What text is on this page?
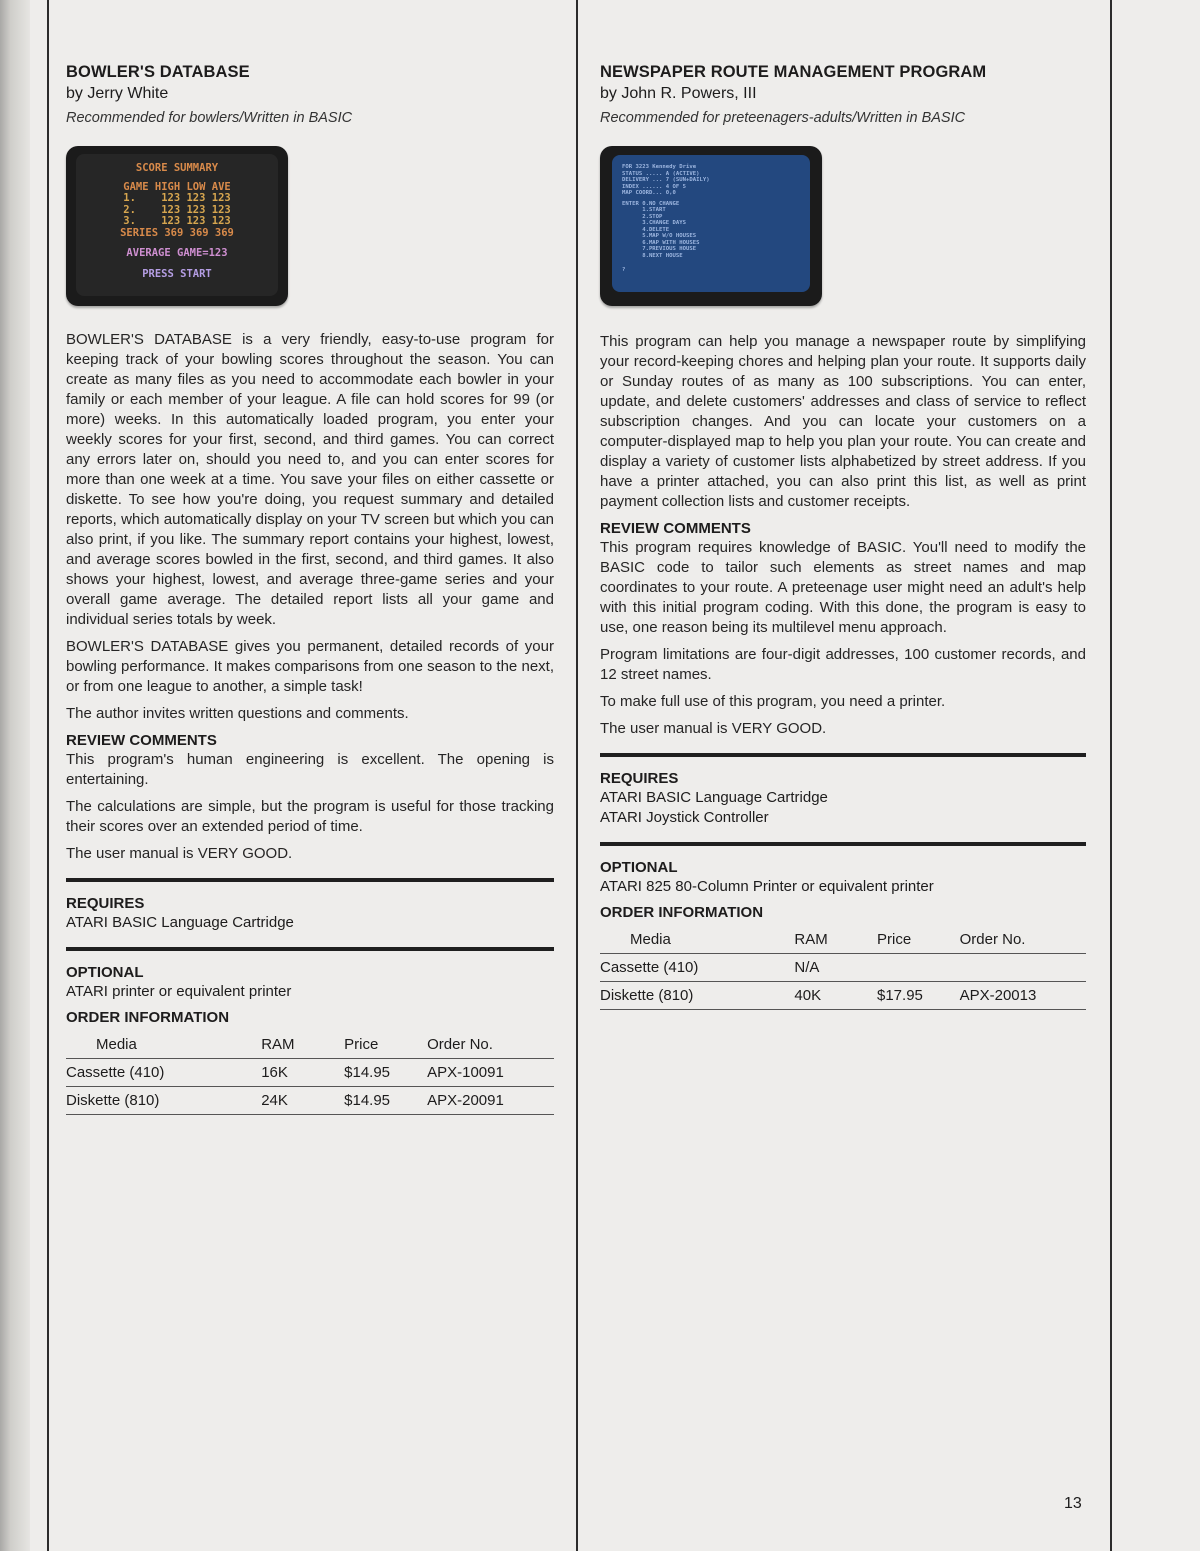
BOWLER'S DATABASE
by Jerry White
Recommended for bowlers/Written in BASIC
SCORE SUMMARY
GAME HIGH LOW AVE
1.    123 123 123
2.    123 123 123
3.    123 123 123
SERIES 369 369 369
AVERAGE GAME=123
PRESS START

BOWLER'S DATABASE is a very friendly, easy-to-use program for keeping track of your bowling scores throughout the season. You can create as many files as you need to accommodate each bowler in your family or each member of your league. A file can hold scores for 99 (or more) weeks. In this automatically loaded program, you enter your weekly scores for your first, second, and third games. You can correct any errors later on, should you need to, and you can enter scores for more than one week at a time. You save your files on either cassette or diskette. To see how you're doing, you request summary and detailed reports, which automatically display on your TV screen but which you can also print, if you like. The summary report contains your highest, lowest, and average scores bowled in the first, second, and third games. It also shows your highest, lowest, and average three-game series and your overall game average. The detailed report lists all your game and individual series totals by week.

BOWLER'S DATABASE gives you permanent, detailed records of your bowling performance. It makes comparisons from one season to the next, or from one league to another, a simple task!

The author invites written questions and comments.

REVIEW COMMENTS

This program's human engineering is excellent. The opening is entertaining.

The calculations are simple, but the program is useful for those tracking their scores over an extended period of time.

The user manual is VERY GOOD.

REQUIRES
ATARI BASIC Language Cartridge
OPTIONAL
ATARI printer or equivalent printer
ORDER INFORMATION
Media	RAM	Price	Order No.
Cassette (410)	16K	$14.95	APX-10091
Diskette (810)	24K	$14.95	APX-20091
NEWSPAPER ROUTE MANAGEMENT PROGRAM
by John R. Powers, III
Recommended for preteenagers-adults/Written in BASIC
FOR 3223 Kennedy Drive
STATUS ..... A (ACTIVE)
DELIVERY ... 7 (SUN+DAILY)
INDEX ...... 4 OF 5
MAP COORD... 0,0
ENTER 0.NO CHANGE
1.START
2.STOP
3.CHANGE DAYS
4.DELETE
5.MAP W/O HOUSES
6.MAP WITH HOUSES
7.PREVIOUS HOUSE
8.NEXT HOUSE
?

This program can help you manage a newspaper route by simplifying your record-keeping chores and helping plan your route. It supports daily or Sunday routes of as many as 100 subscriptions. You can enter, update, and delete customers' addresses and class of service to reflect subscription changes. And you can locate your customers on a computer-displayed map to help you plan your route. You can create and display a variety of customer lists alphabetized by street address. If you have a printer attached, you can also print this list, as well as print payment collection lists and customer receipts.

REVIEW COMMENTS

This program requires knowledge of BASIC. You'll need to modify the BASIC code to tailor such elements as street names and map coordinates to your route. A preteenage user might need an adult's help with this initial program coding. With this done, the program is easy to use, one reason being its multilevel menu approach.

Program limitations are four-digit addresses, 100 customer records, and 12 street names.

To make full use of this program, you need a printer.

The user manual is VERY GOOD.

REQUIRES
ATARI BASIC Language Cartridge
ATARI Joystick Controller
OPTIONAL
ATARI 825 80-Column Printer or equivalent printer
ORDER INFORMATION
Media	RAM	Price	Order No.
Cassette (410)	N/A		
Diskette (810)	40K	$17.95	APX-20013
13
